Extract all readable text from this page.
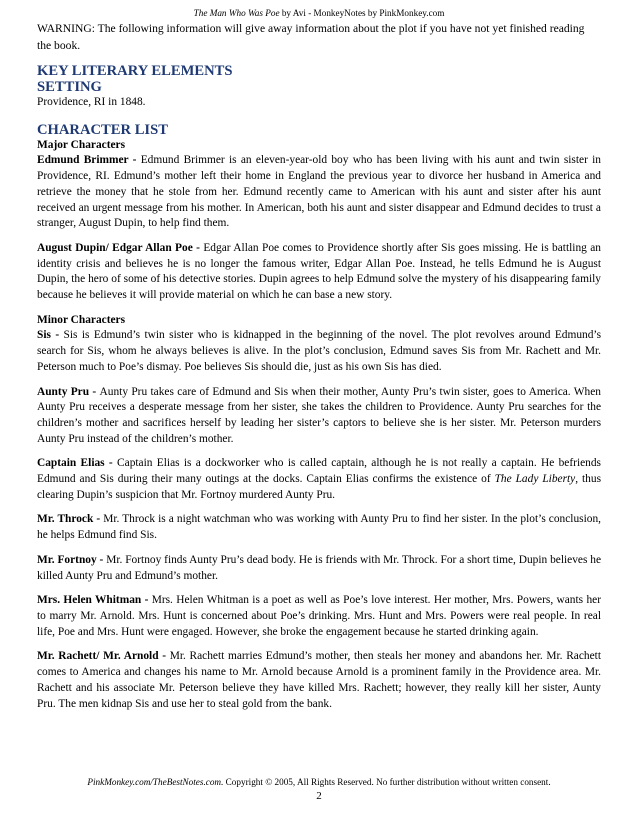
The Man Who Was Poe by Avi - MonkeyNotes by PinkMonkey.com

WARNING: The following information will give away information about the plot if you have not yet finished reading the book.

KEY LITERARY ELEMENTS
SETTING

Providence, RI in 1848.

CHARACTER LIST

Major Characters

Edmund Brimmer - Edmund Brimmer is an eleven-year-old boy who has been living with his aunt and twin sister in Providence, RI. Edmund’s mother left their home in England the previous year to divorce her husband in America and retrieve the money that he stole from her. Edmund recently came to American with his aunt and sister after his aunt received an urgent message from his mother. In American, both his aunt and sister disappear and Edmund decides to trust a stranger, August Dupin, to help find them.

August Dupin/ Edgar Allan Poe - Edgar Allan Poe comes to Providence shortly after Sis goes missing. He is battling an identity crisis and believes he is no longer the famous writer, Edgar Allan Poe. Instead, he tells Edmund he is August Dupin, the hero of some of his detective stories. Dupin agrees to help Edmund solve the mystery of his disappearing family because he believes it will provide material on which he can base a new story.

Minor Characters

Sis - Sis is Edmund’s twin sister who is kidnapped in the beginning of the novel. The plot revolves around Edmund’s search for Sis, whom he always believes is alive. In the plot’s conclusion, Edmund saves Sis from Mr. Rachett and Mr. Peterson much to Poe’s dismay. Poe believes Sis should die, just as his own Sis has died.

Aunty Pru - Aunty Pru takes care of Edmund and Sis when their mother, Aunty Pru’s twin sister, goes to America. When Aunty Pru receives a desperate message from her sister, she takes the children to Providence. Aunty Pru searches for the children’s mother and sacrifices herself by leading her sister’s captors to believe she is her sister. Mr. Peterson murders Aunty Pru instead of the children’s mother.

Captain Elias - Captain Elias is a dockworker who is called captain, although he is not really a captain. He befriends Edmund and Sis during their many outings at the docks. Captain Elias confirms the existence of The Lady Liberty, thus clearing Dupin’s suspicion that Mr. Fortnoy murdered Aunty Pru.

Mr. Throck - Mr. Throck is a night watchman who was working with Aunty Pru to find her sister. In the plot’s conclusion, he helps Edmund find Sis.

Mr. Fortnoy - Mr. Fortnoy finds Aunty Pru’s dead body. He is friends with Mr. Throck. For a short time, Dupin believes he killed Aunty Pru and Edmund’s mother.

Mrs. Helen Whitman - Mrs. Helen Whitman is a poet as well as Poe’s love interest. Her mother, Mrs. Powers, wants her to marry Mr. Arnold. Mrs. Hunt is concerned about Poe’s drinking. Mrs. Hunt and Mrs. Powers were real people. In real life, Poe and Mrs. Hunt were engaged. However, she broke the engagement because he started drinking again.

Mr. Rachett/ Mr. Arnold - Mr. Rachett marries Edmund’s mother, then steals her money and abandons her. Mr. Rachett comes to America and changes his name to Mr. Arnold because Arnold is a prominent family in the Providence area. Mr. Rachett and his associate Mr. Peterson believe they have killed Mrs. Rachett; however, they really kill her sister, Aunty Pru. The men kidnap Sis and use her to steal gold from the bank.

PinkMonkey.com/TheBestNotes.com. Copyright © 2005, All Rights Reserved. No further distribution without written consent.
2
